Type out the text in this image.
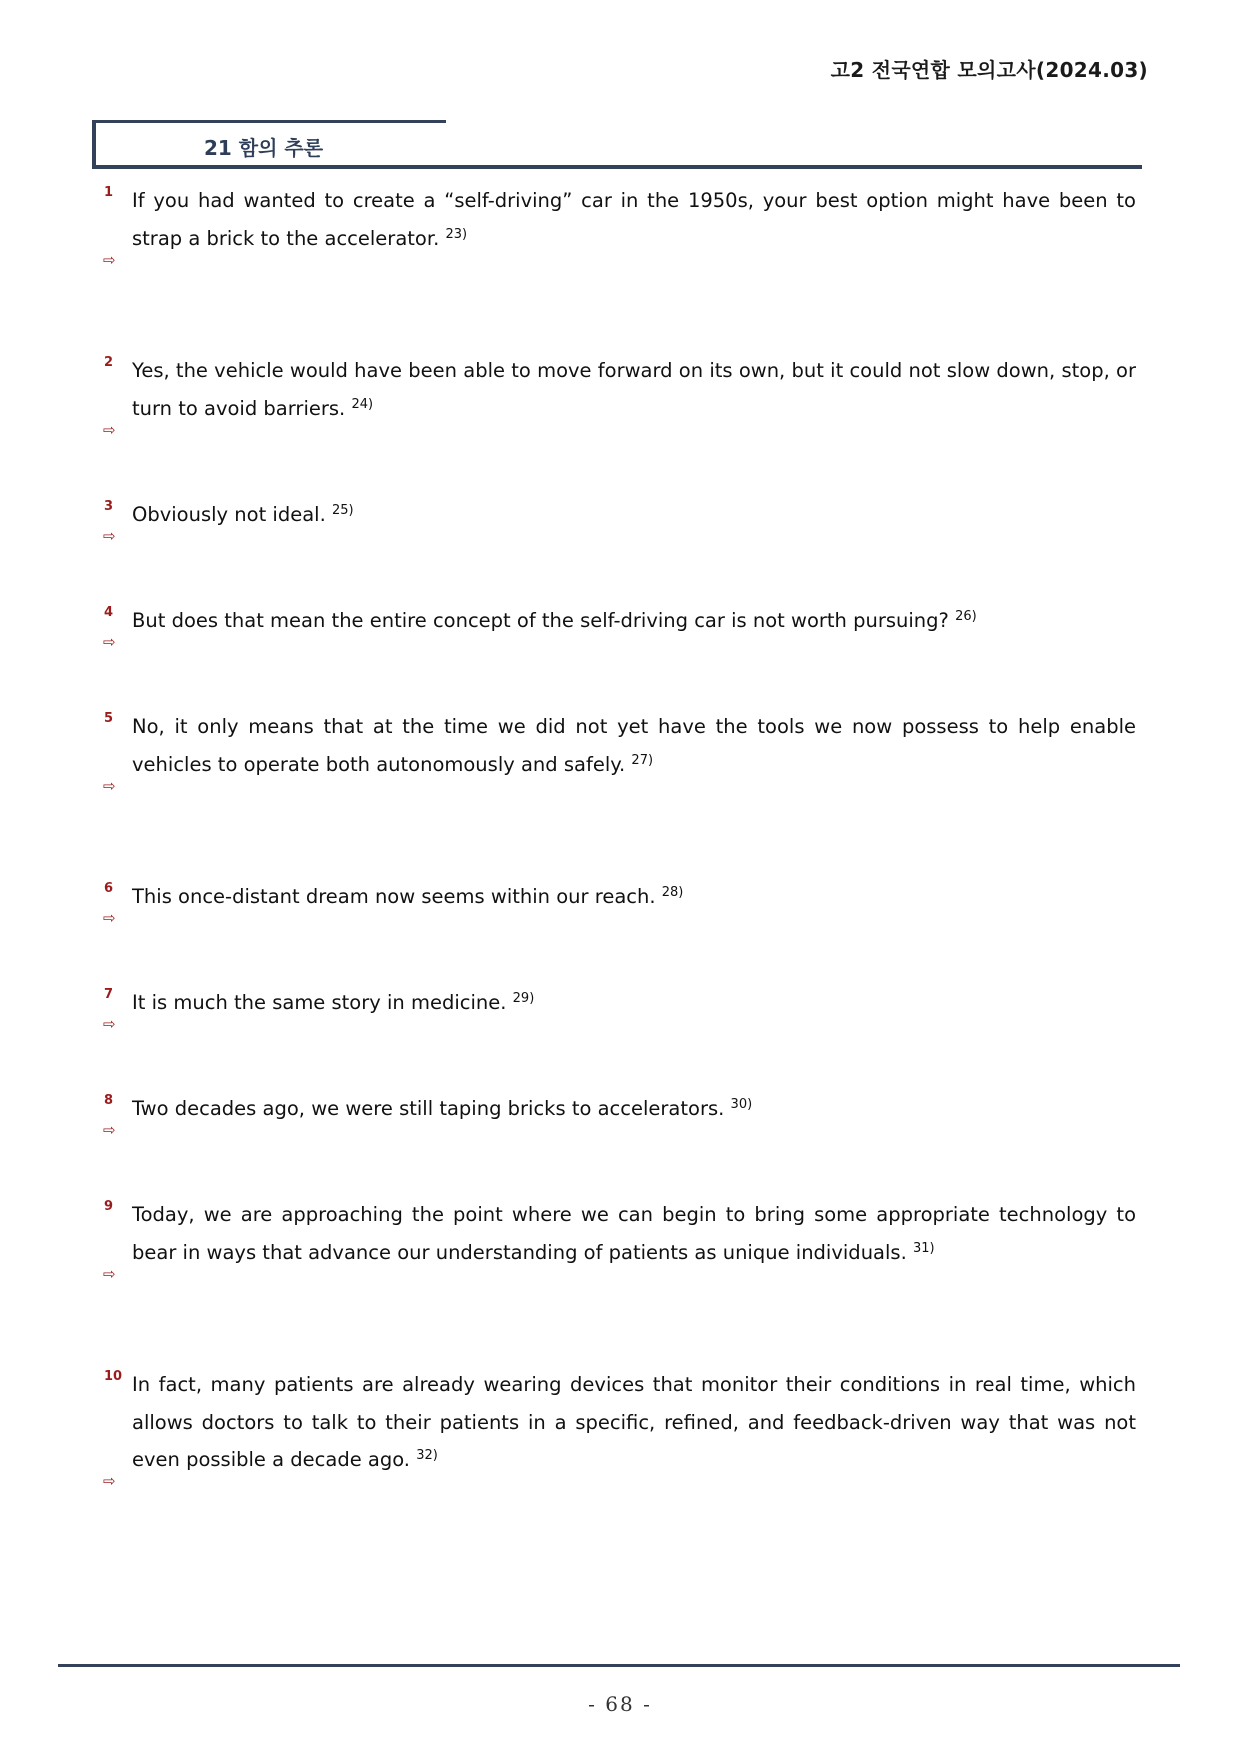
고2 전국연합 모의고사(2024.03)
21 함의 추론
1 If you had wanted to create a “self-driving” car in the 1950s, your best option might have been to strap a brick to the accelerator. $^{23)}$
⇨
2 Yes, the vehicle would have been able to move forward on its own, but it could not slow down, stop, or turn to avoid barriers. $^{24)}$
⇨
3 Obviously not ideal. $^{25)}$
⇨
4 But does that mean the entire concept of the self-driving car is not worth pursuing? $^{26)}$
⇨
5 No, it only means that at the time we did not yet have the tools we now possess to help enable vehicles to operate both autonomously and safely. $^{27)}$
⇨
6 This once-distant dream now seems within our reach. $^{28)}$
⇨
7 It is much the same story in medicine. $^{29)}$
⇨
8 Two decades ago, we were still taping bricks to accelerators. $^{30)}$
⇨
9 Today, we are approaching the point where we can begin to bring some appropriate technology to bear in ways that advance our understanding of patients as unique individuals. $^{31)}$
⇨
10 In fact, many patients are already wearing devices that monitor their conditions in real time, which allows doctors to talk to their patients in a specific, refined, and feedback-driven way that was not even possible a decade ago. $^{32)}$
⇨
- 68 -
